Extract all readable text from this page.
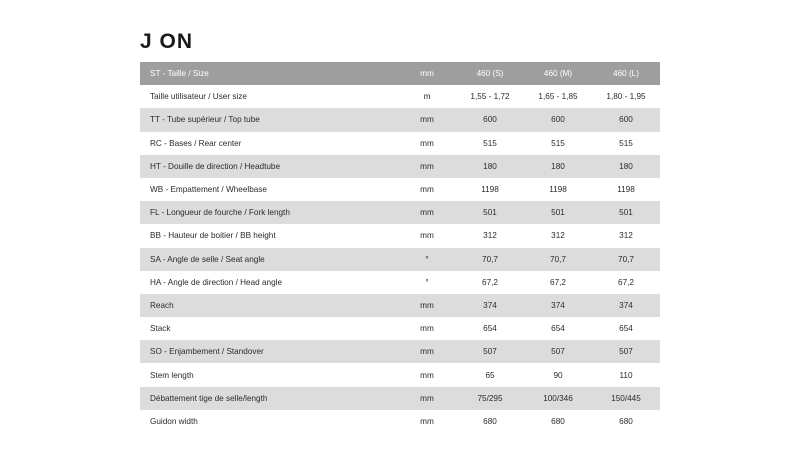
J ON
ST - Taille / Size	mm	460 (S)	460 (M)	460 (L)
Taille utilisateur / User size	m	1,55 - 1,72	1,65 - 1,85	1,80 - 1,95
TT - Tube supérieur / Top tube	mm	600	600	600
RC - Bases / Rear center	mm	515	515	515
HT - Douille de direction / Headtube	mm	180	180	180
WB - Empattement / Wheelbase	mm	1198	1198	1198
FL - Longueur de fourche / Fork length	mm	501	501	501
BB - Hauteur de boitier / BB height	mm	312	312	312
SA - Angle de selle / Seat angle	°	70,7	70,7	70,7
HA - Angle de direction / Head angle	°	67,2	67,2	67,2
Reach	mm	374	374	374
Stack	mm	654	654	654
SO - Enjambement / Standover	mm	507	507	507
Stem length	mm	65	90	110
Débattement tige de selle/length	mm	75/295	100/346	150/445
Guidon width	mm	680	680	680
